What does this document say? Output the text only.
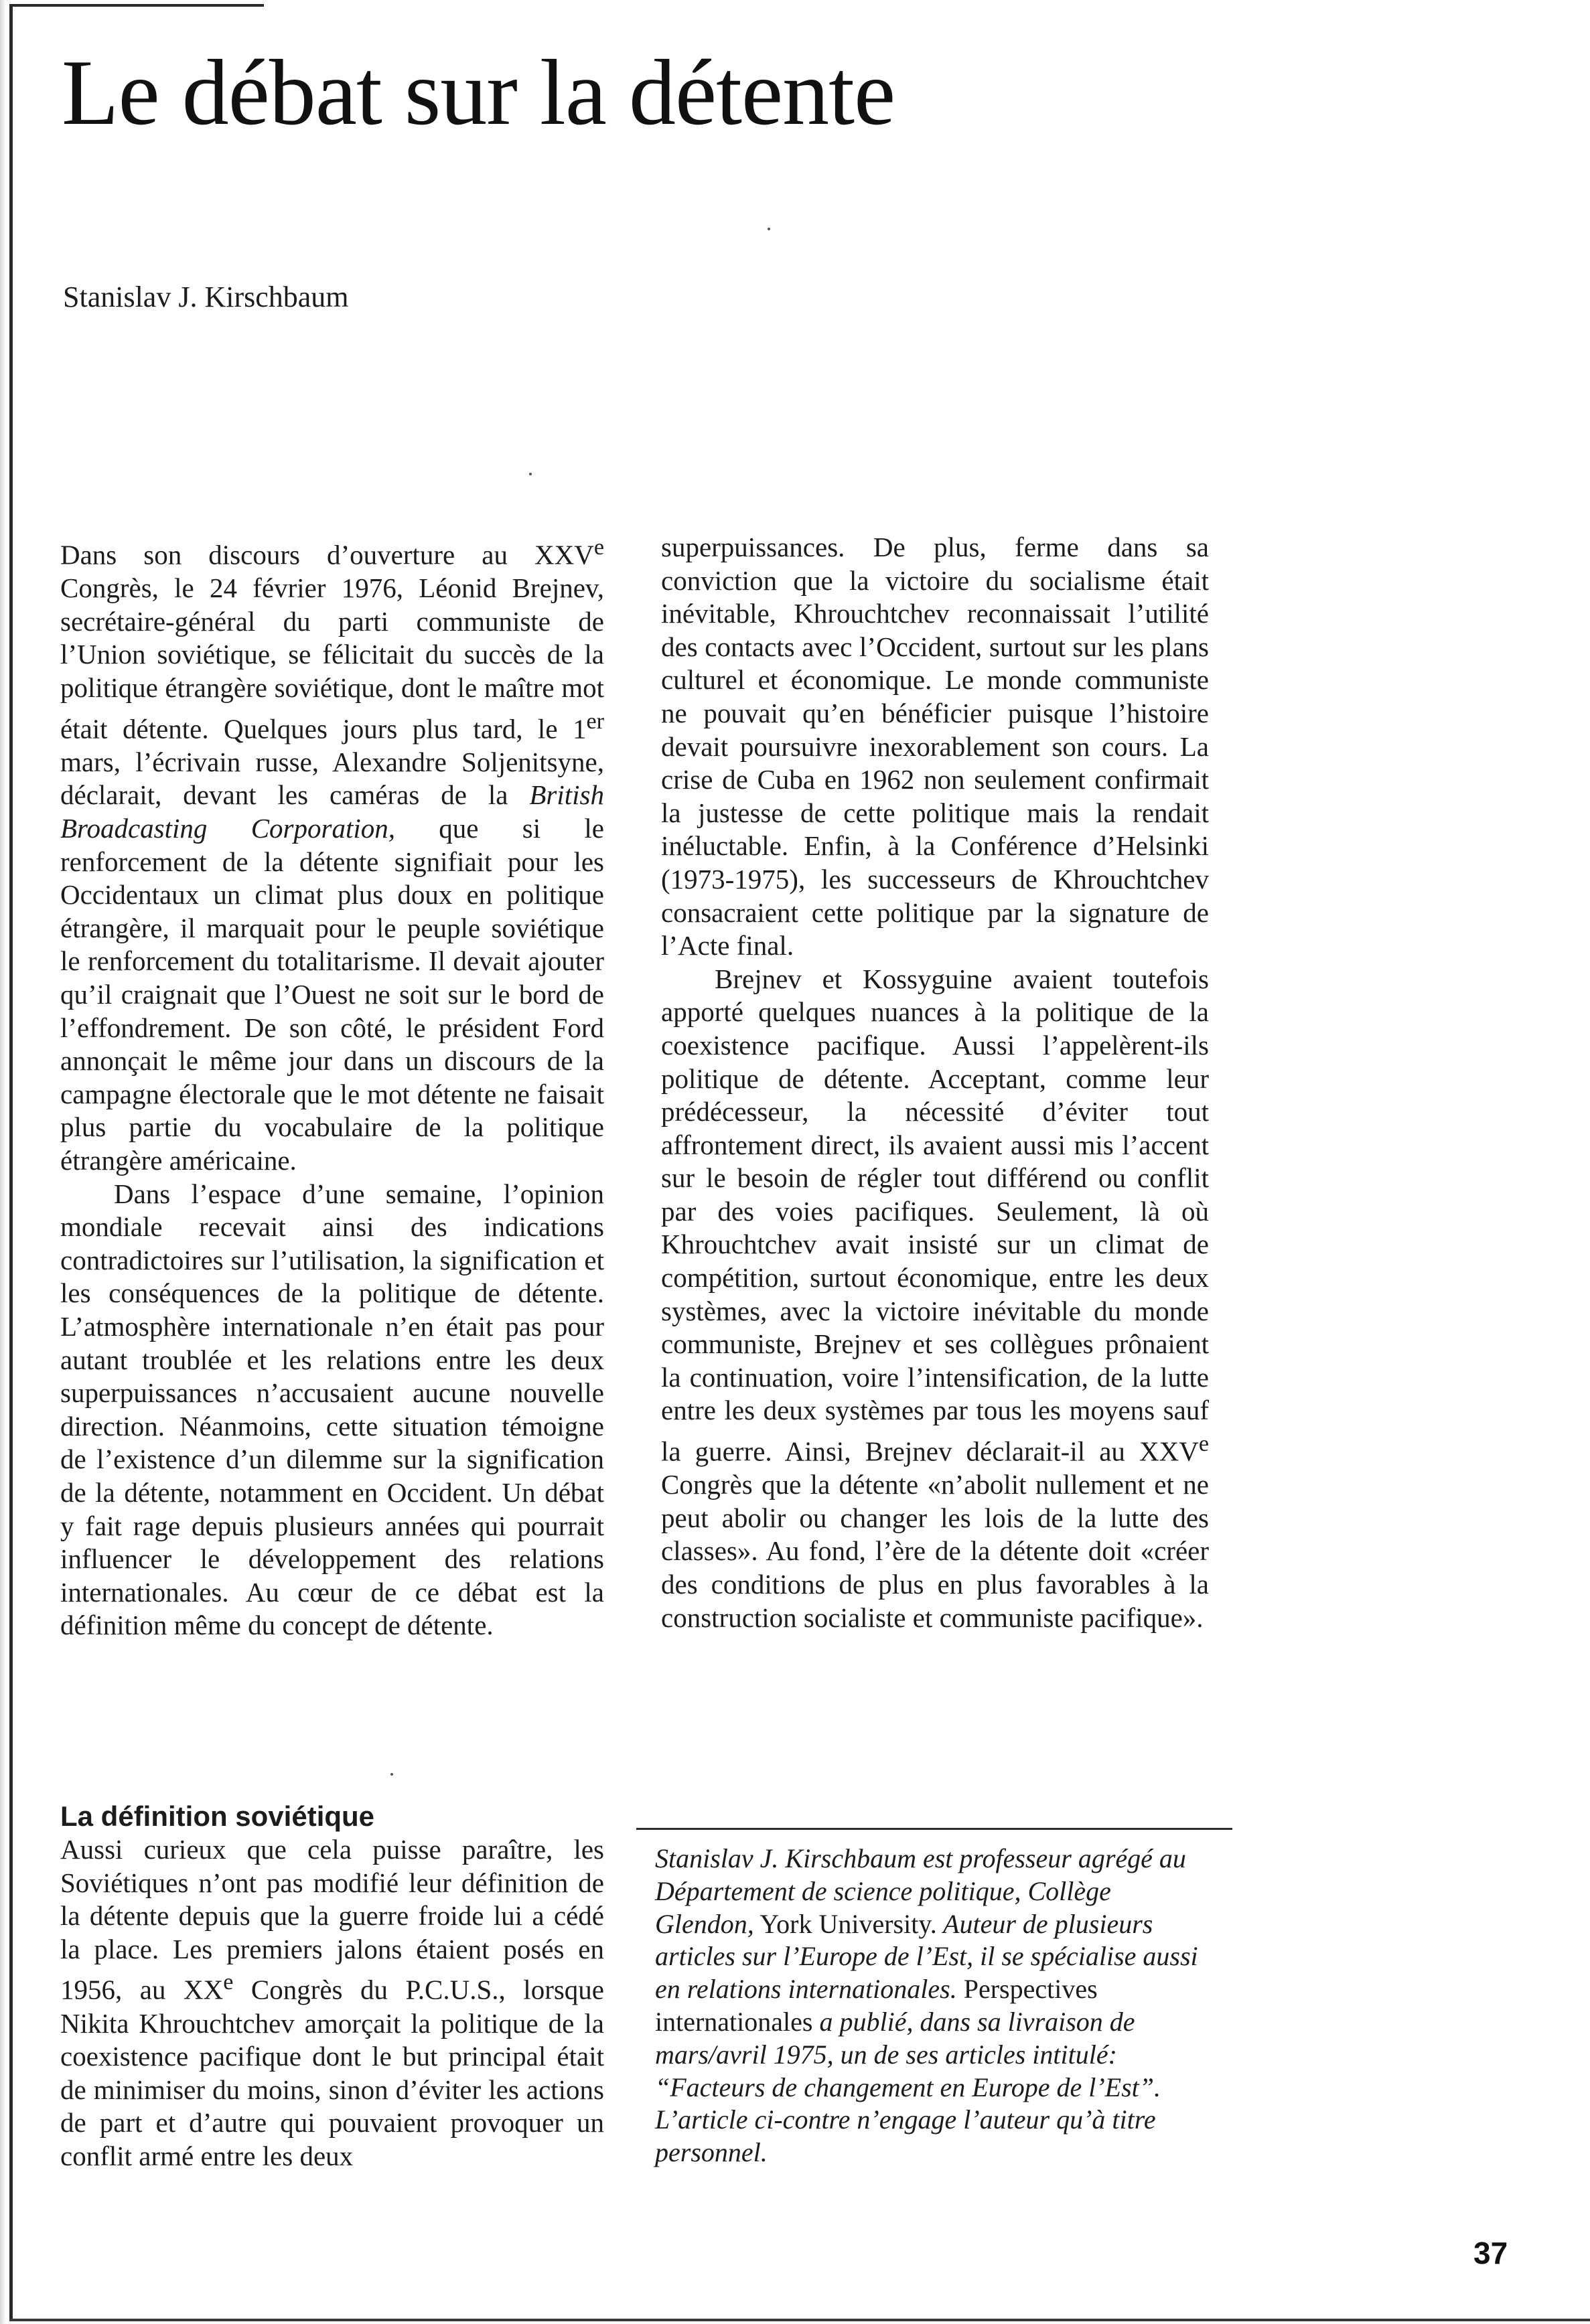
Le débat sur la détente
Stanislav J. Kirschbaum

Dans son discours d’ouverture au XXVe Congrès, le 24 février 1976, Léonid Brejnev, secrétaire-général du parti communiste de l’Union soviétique, se félicitait du succès de la politique étrangère soviétique, dont le maître mot était détente. Quelques jours plus tard, le 1er mars, l’écrivain russe, Alexandre Soljenitsyne, déclarait, devant les caméras de la British Broadcasting Corporation, que si le renforcement de la détente signifiait pour les Occidentaux un climat plus doux en politique étrangère, il marquait pour le peuple soviétique le renforcement du totalitarisme. Il devait ajouter qu’il craignait que l’Ouest ne soit sur le bord de l’effondrement. De son côté, le président Ford annonçait le même jour dans un discours de la campagne électorale que le mot détente ne faisait plus partie du vocabulaire de la politique étrangère américaine.

Dans l’espace d’une semaine, l’opinion mondiale recevait ainsi des indications contradictoires sur l’utilisation, la signification et les conséquences de la politique de détente. L’atmosphère internationale n’en était pas pour autant troublée et les relations entre les deux superpuissances n’accusaient aucune nouvelle direction. Néanmoins, cette situation témoigne de l’existence d’un dilemme sur la signification de la détente, notamment en Occident. Un débat y fait rage depuis plusieurs années qui pourrait influencer le développement des relations internationales. Au cœur de ce débat est la définition même du concept de détente.

La définition soviétique

Aussi curieux que cela puisse paraître, les Soviétiques n’ont pas modifié leur définition de la détente depuis que la guerre froide lui a cédé la place. Les premiers jalons étaient posés en 1956, au XXe Congrès du P.C.U.S., lorsque Nikita Khrouchtchev amorçait la politique de la coexistence pacifique dont le but principal était de minimiser du moins, sinon d’éviter les actions de part et d’autre qui pouvaient provoquer un conflit armé entre les deux

superpuissances. De plus, ferme dans sa conviction que la victoire du socialisme était inévitable, Khrouchtchev reconnaissait l’utilité des contacts avec l’Occident, surtout sur les plans culturel et économique. Le monde communiste ne pouvait qu’en bénéficier puisque l’histoire devait poursuivre inexorablement son cours. La crise de Cuba en 1962 non seulement confirmait la justesse de cette politique mais la rendait inéluctable. Enfin, à la Conférence d’Helsinki (1973-1975), les successeurs de Khrouchtchev consacraient cette politique par la signature de l’Acte final.

Brejnev et Kossyguine avaient toutefois apporté quelques nuances à la politique de la coexistence pacifique. Aussi l’appelèrent-ils politique de détente. Acceptant, comme leur prédécesseur, la nécessité d’éviter tout affrontement direct, ils avaient aussi mis l’accent sur le besoin de régler tout différend ou conflit par des voies pacifiques. Seulement, là où Khrouchtchev avait insisté sur un climat de compétition, surtout économique, entre les deux systèmes, avec la victoire inévitable du monde communiste, Brejnev et ses collègues prônaient la continuation, voire l’intensification, de la lutte entre les deux systèmes par tous les moyens sauf la guerre. Ainsi, Brejnev déclarait-il au XXVe Congrès que la détente «n’abolit nullement et ne peut abolir ou changer les lois de la lutte des classes». Au fond, l’ère de la détente doit «créer des conditions de plus en plus favorables à la construction socialiste et communiste pacifique».

Stanislav J. Kirschbaum est professeur agrégé au Département de science politique, Collège Glendon, York University. Auteur de plusieurs articles sur l’Europe de l’Est, il se spécialise aussi en relations internationales. Perspectives internationales a publié, dans sa livraison de mars/avril 1975, un de ses articles intitulé: “Facteurs de changement en Europe de l’Est”. L’article ci-contre n’engage l’auteur qu’à titre personnel.
37
